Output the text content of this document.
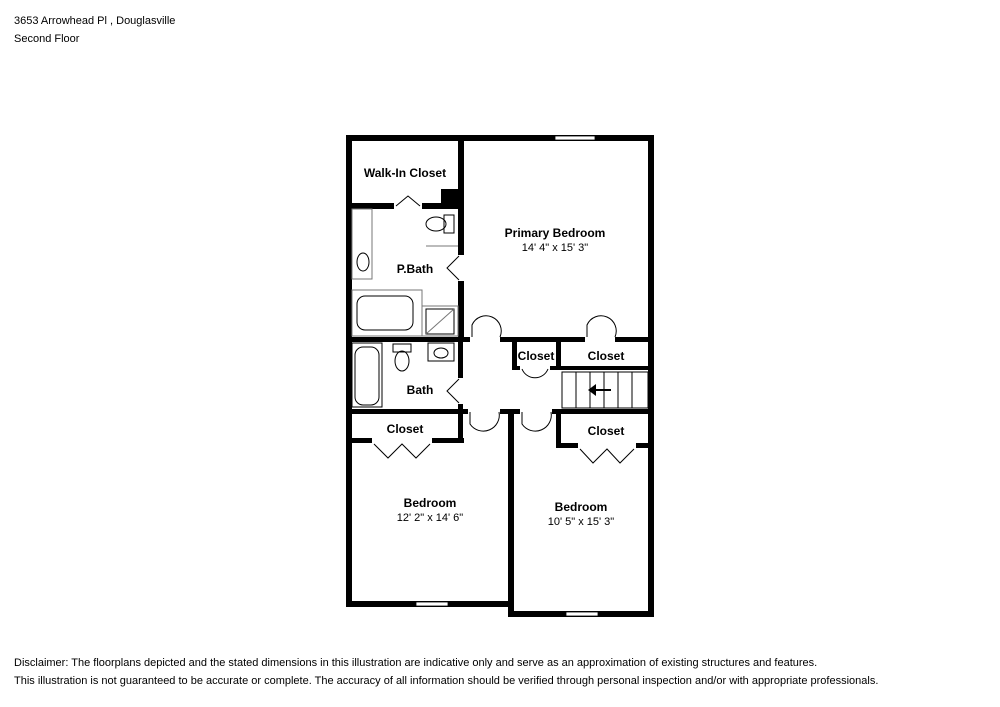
3653 Arrowhead Pl , Douglasville
Second Floor
Walk-In Closet
Primary Bedroom
14' 4" x 15' 3"
P.Bath
Bath
Closet	Closet
Closet	Closet
Bedroom
12' 2" x 14' 6"
Bedroom
10' 5" x 15' 3"
Disclaimer: The floorplans depicted and the stated dimensions in this illustration are indicative only and serve as an approximation of existing structures and features.
This illustration is not guaranteed to be accurate or complete. The accuracy of all information should be verified through personal inspection and/or with appropriate professionals.
